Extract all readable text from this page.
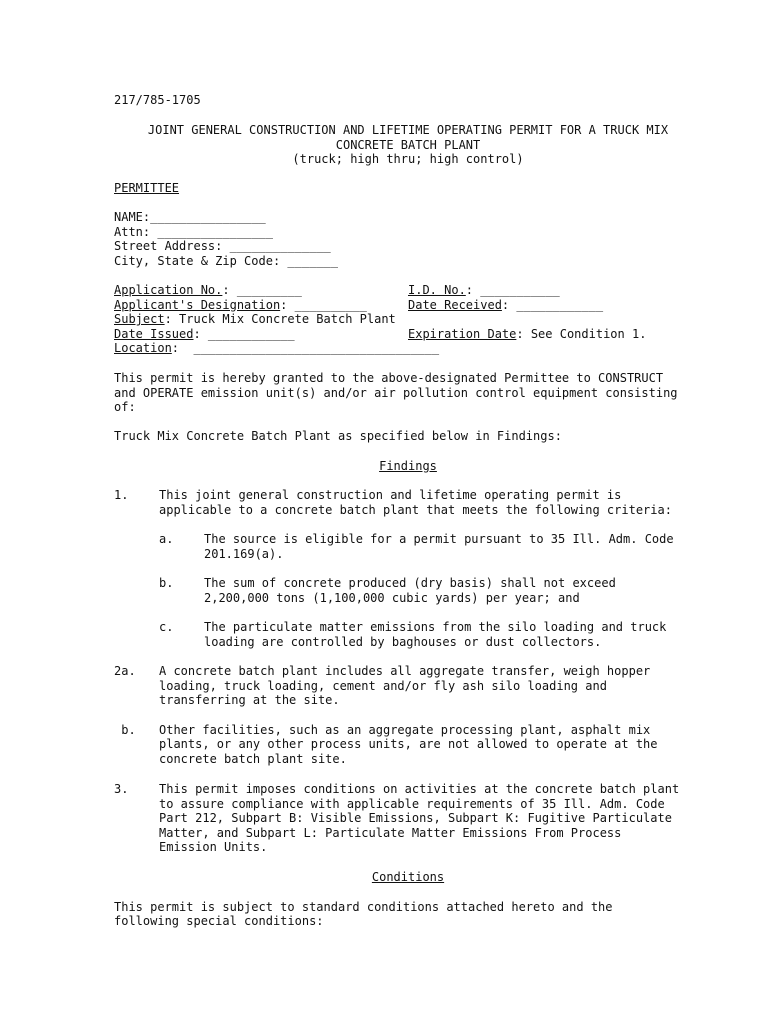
217/785-1705
JOINT GENERAL CONSTRUCTION AND LIFETIME OPERATING PERMIT FOR A TRUCK MIX
CONCRETE BATCH PLANT
(truck; high thru; high control)
PERMITTEE
NAME:________________
Attn: ________________
Street Address: ______________
City, State & Zip Code: _______
Application No.: _________	I.D. No.: ___________
Applicant's Designation: __________	Date Received: ____________
Subject: Truck Mix Concrete Batch Plant
Date Issued: ____________	Expiration Date: See Condition 1.
Location:  __________________________________
This permit is hereby granted to the above-designated Permittee to CONSTRUCT
and OPERATE emission unit(s) and/or air pollution control equipment consisting
of:
Truck Mix Concrete Batch Plant as specified below in Findings:
Findings
1.	This joint general construction and lifetime operating permit is
applicable to a concrete batch plant that meets the following criteria:
a.	The source is eligible for a permit pursuant to 35 Ill. Adm. Code
201.169(a).
b.	The sum of concrete produced (dry basis) shall not exceed
2,200,000 tons (1,100,000 cubic yards) per year; and
c.	The particulate matter emissions from the silo loading and truck
loading are controlled by baghouses or dust collectors.
2a. A concrete batch plant includes all aggregate transfer, weigh hopper
loading, truck loading, cement and/or fly ash silo loading and
transferring at the site.
b. Other facilities, such as an aggregate processing plant, asphalt mix
plants, or any other process units, are not allowed to operate at the
concrete batch plant site.
3.	This permit imposes conditions on activities at the concrete batch plant
to assure compliance with applicable requirements of 35 Ill. Adm. Code
Part 212, Subpart B: Visible Emissions, Subpart K: Fugitive Particulate
Matter, and Subpart L: Particulate Matter Emissions From Process
Emission Units.
Conditions
This permit is subject to standard conditions attached hereto and the
following special conditions:
